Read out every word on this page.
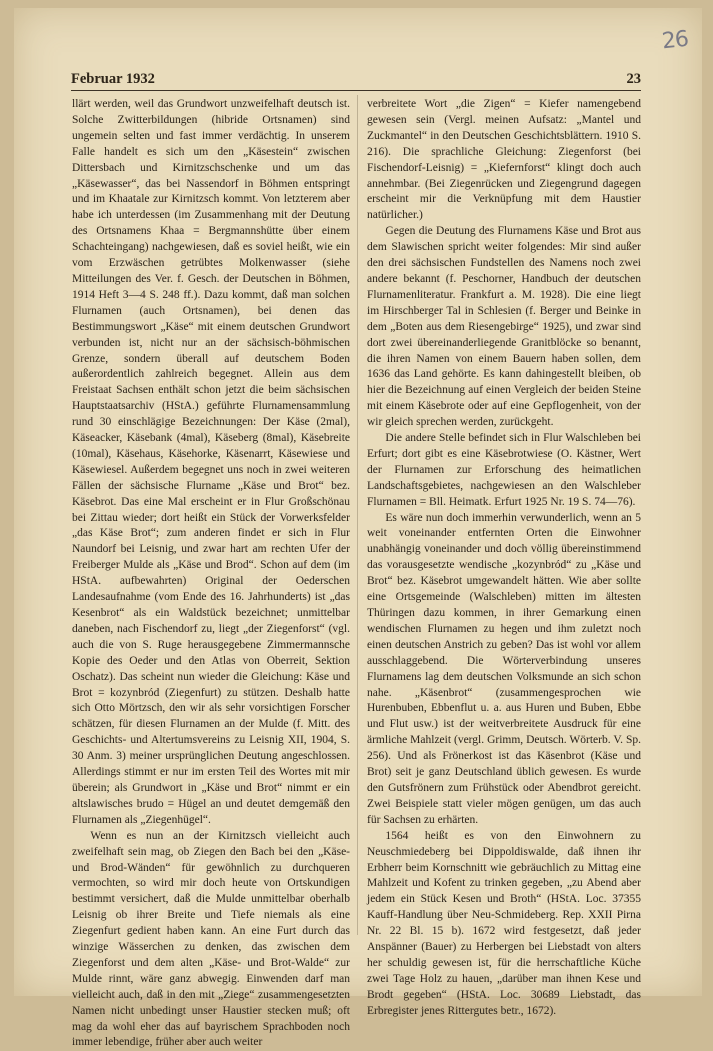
26
Februar 1932	23

llärt werden, weil das Grundwort unzweifelhaft deutsch ist. Solche Zwitterbildungen (hibride Ortsnamen) sind ungemein selten und fast immer verdächtig. In unserem Falle handelt es sich um den „Käsestein“ zwischen Dittersbach und Kirnitzschschenke und um das „Käsewasser“, das bei Nassendorf in Böhmen entspringt und im Khaatale zur Kirnitzsch kommt. Von letzterem aber habe ich unterdessen (im Zusammenhang mit der Deutung des Ortsnamens Khaa = Bergmannshütte über einem Schachteingang) nachgewiesen, daß es soviel heißt, wie ein vom Erzwäschen getrübtes Molkenwasser (siehe Mitteilungen des Ver. f. Gesch. der Deutschen in Böhmen, 1914 Heft 3—4 S. 248 ff.). Dazu kommt, daß man solchen Flurnamen (auch Ortsnamen), bei denen das Bestimmungswort „Käse“ mit einem deutschen Grundwort verbunden ist, nicht nur an der sächsisch-böhmischen Grenze, sondern überall auf deutschem Boden außerordentlich zahlreich begegnet. Allein aus dem Freistaat Sachsen enthält schon jetzt die beim sächsischen Hauptstaatsarchiv (HStA.) geführte Flurnamensammlung rund 30 einschlägige Bezeichnungen: Der Käse (2mal), Käseacker, Käsebank (4mal), Käseberg (8mal), Käsebreite (10mal), Käsehaus, Käsehorke, Käsenarrt, Käsewiese und Käsewiesel. Außerdem begegnet uns noch in zwei weiteren Fällen der sächsische Flurname „Käse und Brot“ bez. Käsebrot. Das eine Mal erscheint er in Flur Großschönau bei Zittau wieder; dort heißt ein Stück der Vorwerksfelder „das Käse Brot“; zum anderen findet er sich in Flur Naundorf bei Leisnig, und zwar hart am rechten Ufer der Freiberger Mulde als „Käse und Brod“. Schon auf dem (im HStA. aufbewahrten) Original der Oederschen Landesaufnahme (vom Ende des 16. Jahrhunderts) ist „das Kesenbrot“ als ein Waldstück bezeichnet; unmittelbar daneben, nach Fischendorf zu, liegt „der Ziegenforst“ (vgl. auch die von S. Ruge herausgegebene Zimmermannsche Kopie des Oeder und den Atlas von Oberreit, Sektion Oschatz). Das scheint nun wieder die Gleichung: Käse und Brot = kozynbród (Ziegenfurt) zu stützen. Deshalb hatte sich Otto Mörtzsch, den wir als sehr vorsichtigen Forscher schätzen, für diesen Flurnamen an der Mulde (f. Mitt. des Geschichts- und Altertumsvereins zu Leisnig XII, 1904, S. 30 Anm. 3) meiner ursprünglichen Deutung angeschlossen. Allerdings stimmt er nur im ersten Teil des Wortes mit mir überein; als Grundwort in „Käse und Brot“ nimmt er ein altslawisches brudo = Hügel an und deutet demgemäß den Flurnamen als „Ziegenhügel“.

Wenn es nun an der Kirnitzsch vielleicht auch zweifelhaft sein mag, ob Ziegen den Bach bei den „Käse- und Brod-Wänden“ für gewöhnlich zu durchqueren vermochten, so wird mir doch heute von Ortskundigen bestimmt versichert, daß die Mulde unmittelbar oberhalb Leisnig ob ihrer Breite und Tiefe niemals als eine Ziegenfurt gedient haben kann. An eine Furt durch das winzige Wässerchen zu denken, das zwischen dem Ziegenforst und dem alten „Käse- und Brot-Walde“ zur Mulde rinnt, wäre ganz abwegig. Einwenden darf man vielleicht auch, daß in den mit „Ziege“ zusammengesetzten Namen nicht unbedingt unser Haustier stecken muß; oft mag da wohl eher das auf bayrischem Sprachboden noch immer lebendige, früher aber auch weiter

verbreitete Wort „die Zigen“ = Kiefer namengebend gewesen sein (Vergl. meinen Aufsatz: „Mantel und Zuckmantel“ in den Deutschen Geschichtsblättern. 1910 S. 216). Die sprachliche Gleichung: Ziegenforst (bei Fischendorf-Leisnig) = „Kiefernforst“ klingt doch auch annehmbar. (Bei Ziegenrücken und Ziegengrund dagegen erscheint mir die Verknüpfung mit dem Haustier natürlicher.)

Gegen die Deutung des Flurnamens Käse und Brot aus dem Slawischen spricht weiter folgendes: Mir sind außer den drei sächsischen Fundstellen des Namens noch zwei andere bekannt (f. Peschorner, Handbuch der deutschen Flurnamenliteratur. Frankfurt a. M. 1928). Die eine liegt im Hirschberger Tal in Schlesien (f. Berger und Beinke in dem „Boten aus dem Riesengebirge“ 1925), und zwar sind dort zwei übereinanderliegende Granitblöcke so benannt, die ihren Namen von einem Bauern haben sollen, dem 1636 das Land gehörte. Es kann dahingestellt bleiben, ob hier die Bezeichnung auf einen Vergleich der beiden Steine mit einem Käsebrote oder auf eine Gepflogenheit, von der wir gleich sprechen werden, zurückgeht.

Die andere Stelle befindet sich in Flur Walschleben bei Erfurt; dort gibt es eine Käsebrotwiese (O. Kästner, Wert der Flurnamen zur Erforschung des heimatlichen Landschaftsgebietes, nachgewiesen an den Walschleber Flurnamen = Bll. Heimatk. Erfurt 1925 Nr. 19 S. 74—76).

Es wäre nun doch immerhin verwunderlich, wenn an 5 weit voneinander entfernten Orten die Einwohner unabhängig voneinander und doch völlig übereinstimmend das vorausgesetzte wendische „kozynbród“ zu „Käse und Brot“ bez. Käsebrot umgewandelt hätten. Wie aber sollte eine Ortsgemeinde (Walschleben) mitten im ältesten Thüringen dazu kommen, in ihrer Gemarkung einen wendischen Flurnamen zu hegen und ihm zuletzt noch einen deutschen Anstrich zu geben? Das ist wohl vor allem ausschlaggebend. Die Wörterverbindung unseres Flurnamens lag dem deutschen Volksmunde an sich schon nahe. „Käsenbrot“ (zusammengesprochen wie Hurenbuben, Ebbenflut u. a. aus Huren und Buben, Ebbe und Flut usw.) ist der weitverbreitete Ausdruck für eine ärmliche Mahlzeit (vergl. Grimm, Deutsch. Wörterb. V. Sp. 256). Und als Frönerkost ist das Käsenbrot (Käse und Brot) seit je ganz Deutschland üblich gewesen. Es wurde den Gutsfrönern zum Frühstück oder Abendbrot gereicht. Zwei Beispiele statt vieler mögen genügen, um das auch für Sachsen zu erhärten.

1564 heißt es von den Einwohnern zu Neuschmiedeberg bei Dippoldiswalde, daß ihnen ihr Erbherr beim Kornschnitt wie gebräuchlich zu Mittag eine Mahlzeit und Kofent zu trinken gegeben, „zu Abend aber jedem ein Stück Kesen und Broth“ (HStA. Loc. 37355 Kauff-Handlung über Neu-Schmideberg. Rep. XXII Pirna Nr. 22 Bl. 15 b). 1672 wird festgesetzt, daß jeder Anspänner (Bauer) zu Herbergen bei Liebstadt von alters her schuldig gewesen ist, für die herrschaftliche Küche zwei Tage Holz zu hauen, „darüber man ihnen Kese und Brodt gegeben“ (HStA. Loc. 30689 Liebstadt, das Erbregister jenes Rittergutes betr., 1672).
